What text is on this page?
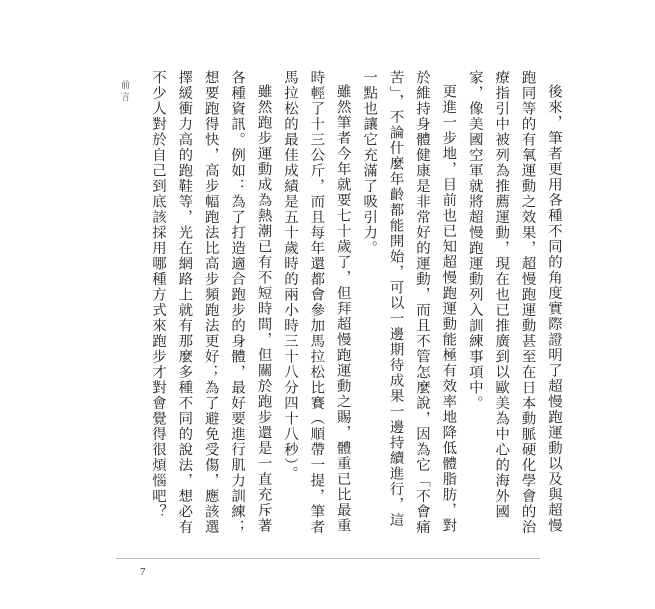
前言	後來，筆者更用各種不同的角度實際證明了超慢跑運動以及與超慢跑同等的有氧運動之效果，超慢跑運動甚至在日本動脈硬化學會的治療指引中被列為推薦運動，現在也已推廣到以歐美為中心的海外國家，像美國空軍就將超慢跑運動列入訓練事項中。

更進一步地，目前也已知超慢跑運動能極有效率地降低體脂肪，對於維持身體健康是非常好的運動，而且不管怎麼說，因為它「不會痛苦」，不論什麼年齡都能開始，可以一邊期待成果一邊持續進行，這一點也讓它充滿了吸引力。

雖然筆者今年就要七十歲了，但拜超慢跑運動之賜，體重已比最重時輕了十三公斤，而且每年還都會參加馬拉松比賽（順帶一提，筆者馬拉松的最佳成績是五十歲時的兩小時三十八分四十八秒）。

雖然跑步運動成為熱潮已有不短時間，但關於跑步還是一直充斥著各種資訊。例如：為了打造適合跑步的身體，最好要進行肌力訓練；想要跑得快，高步幅跑法比高步頻跑法更好；為了避免受傷，應該選擇緩衝力高的跑鞋等，光在網路上就有那麼多種不同的說法，想必有不少人對於自己到底該採用哪種方式來跑步才對會覺得很煩惱吧？

7
